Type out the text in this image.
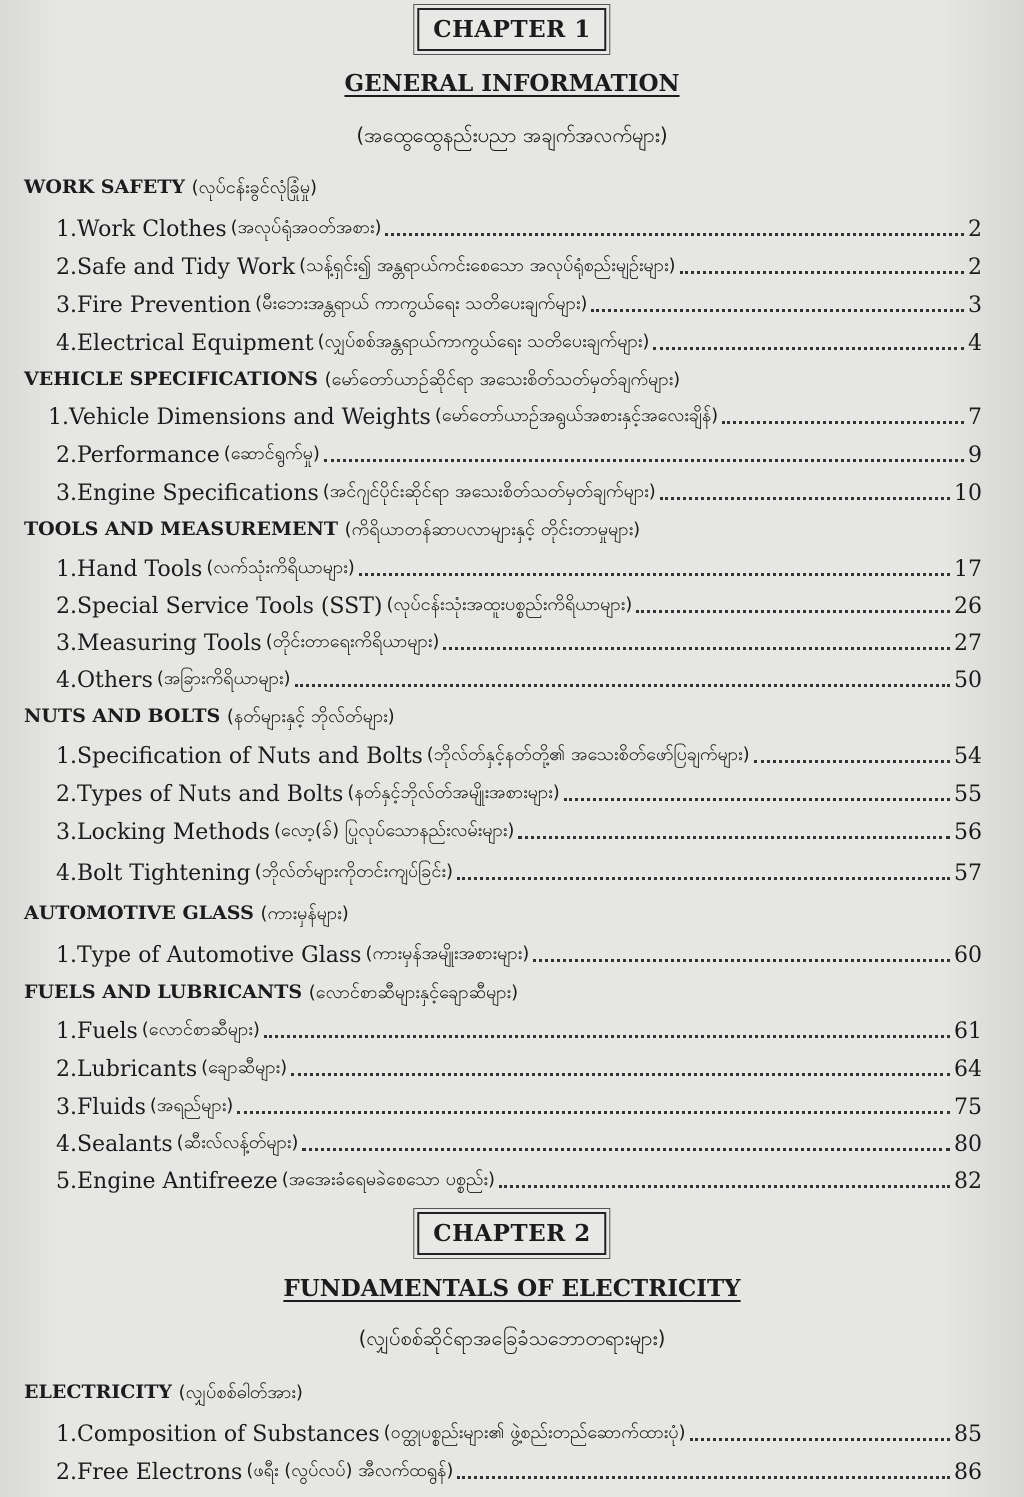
CHAPTER 1
GENERAL INFORMATION
(အထွေထွေနည်းပညာ အချက်အလက်များ)
WORK SAFETY (လုပ်ငန်းခွင်လုံခြုံမှု)
1.Work Clothes (အလုပ်ရုံအဝတ်အစား)	2
2.Safe and Tidy Work (သန့်ရှင်း၍ အန္တရာယ်ကင်းစေသော အလုပ်ရုံစည်းမျဉ်းများ)	2
3.Fire Prevention (မီးဘေးအန္တရာယ် ကာကွယ်ရေး သတိပေးချက်များ)	3
4.Electrical Equipment (လျှပ်စစ်အန္တရာယ်ကာကွယ်ရေး သတိပေးချက်များ)	4
VEHICLE SPECIFICATIONS (မော်တော်ယာဉ်ဆိုင်ရာ အသေးစိတ်သတ်မှတ်ချက်များ)
1.Vehicle Dimensions and Weights (မော်တော်ယာဉ်အရွယ်အစားနှင့်အလေးချိန်)	7
2.Performance (ဆောင်ရွက်မှု)	9
3.Engine Specifications (အင်ဂျင်ပိုင်းဆိုင်ရာ အသေးစိတ်သတ်မှတ်ချက်များ)	10
TOOLS AND MEASUREMENT (ကိရိယာတန်ဆာပလာများနှင့် တိုင်းတာမှုများ)
1.Hand Tools (လက်သုံးကိရိယာများ)	17
2.Special Service Tools (SST) (လုပ်ငန်းသုံးအထူးပစ္စည်းကိရိယာများ)	26
3.Measuring Tools (တိုင်းတာရေးကိရိယာများ)	27
4.Others (အခြားကိရိယာများ)	50
NUTS AND BOLTS (နတ်များနှင့် ဘိုလ်တ်များ)
1.Specification of Nuts and Bolts (ဘိုလ်တ်နှင့်နတ်တို့၏ အသေးစိတ်ဖော်ပြချက်များ)	54
2.Types of Nuts and Bolts (နတ်နှင့်ဘိုလ်တ်အမျိုးအစားများ)	55
3.Locking Methods (လော့(ခ်) ပြုလုပ်သောနည်းလမ်းများ)	56
4.Bolt Tightening (ဘိုလ်တ်များကိုတင်းကျပ်ခြင်း)	57
AUTOMOTIVE GLASS (ကားမှန်များ)
1.Type of Automotive Glass (ကားမှန်အမျိုးအစားများ)	60
FUELS AND LUBRICANTS (လောင်စာဆီများနှင့်ချောဆီများ)
1.Fuels (လောင်စာဆီများ)	61
2.Lubricants (ချောဆီများ)	64
3.Fluids (အရည်များ)	75
4.Sealants (ဆီးလ်လန့်တ်များ)	80
5.Engine Antifreeze (အအေးခံရေမခဲစေသော ပစ္စည်း)	82
CHAPTER 2
FUNDAMENTALS OF ELECTRICITY
(လျှပ်စစ်ဆိုင်ရာအခြေခံသဘောတရားများ)
ELECTRICITY (လျှပ်စစ်ဓါတ်အား)
1.Composition of Substances (ဝတ္ထုပစ္စည်းများ၏ ဖွဲ့စည်းတည်ဆောက်ထားပုံ)	85
2.Free Electrons (ဖရီး (လွပ်လပ်) အီလက်ထရွန်)	86
